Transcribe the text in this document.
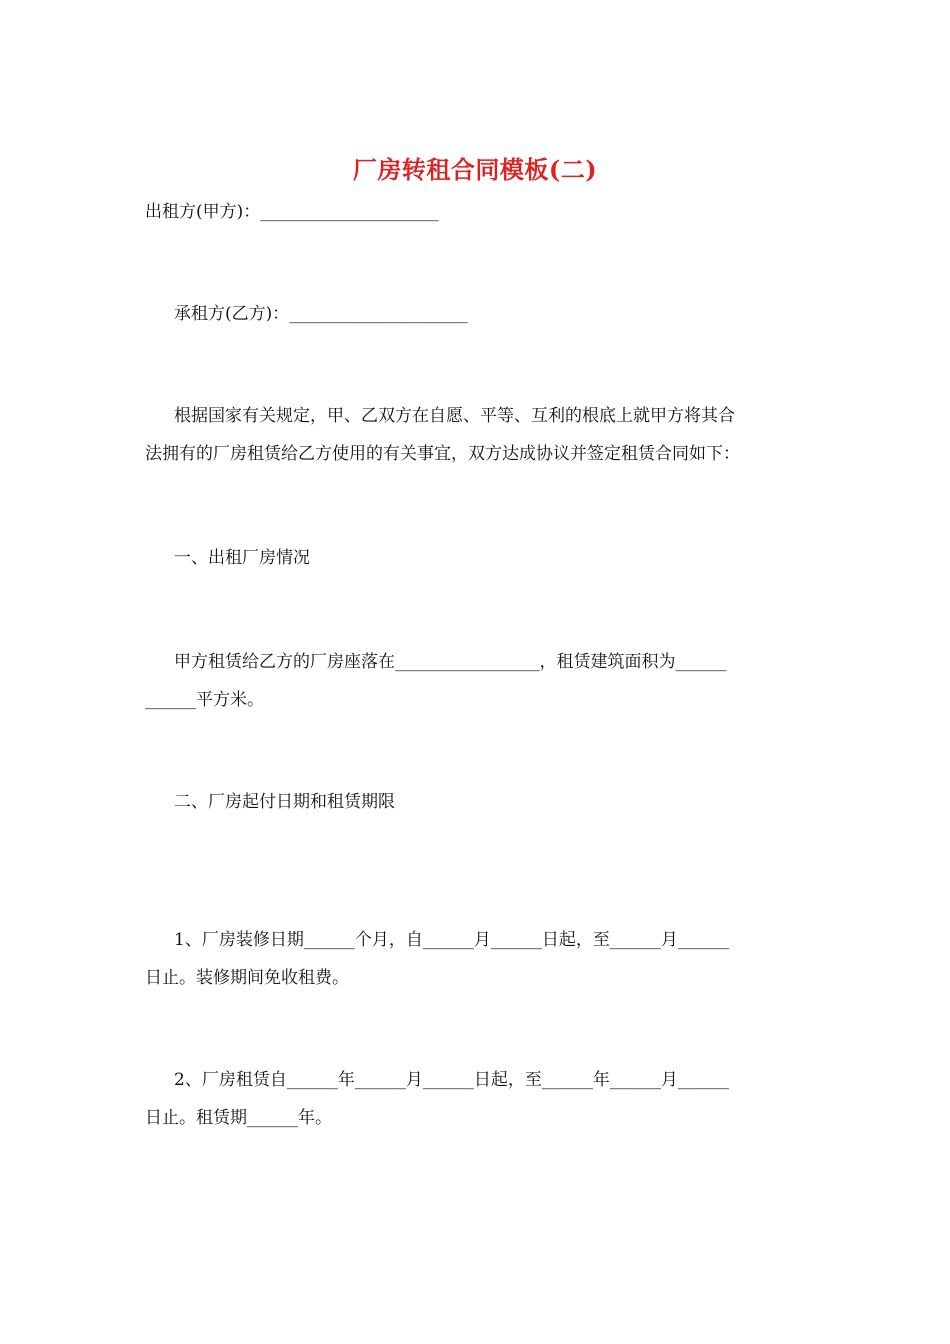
厂房转租合同模板(二)
出租方(甲方)：_____________________
承租方(乙方)：_____________________
根据国家有关规定，甲、乙双方在自愿、平等、互利的根底上就甲方将其合
法拥有的厂房租赁给乙方使用的有关事宜，双方达成协议并签定租赁合同如下：
一、出租厂房情况
甲方租赁给乙方的厂房座落在_________________，租赁建筑面积为______
______平方米。
二、厂房起付日期和租赁期限
1、厂房装修日期______个月，自______月______日起，至______月______
日止。装修期间免收租费。
2、厂房租赁自______年______月______日起，至______年______月______
日止。租赁期______年。
